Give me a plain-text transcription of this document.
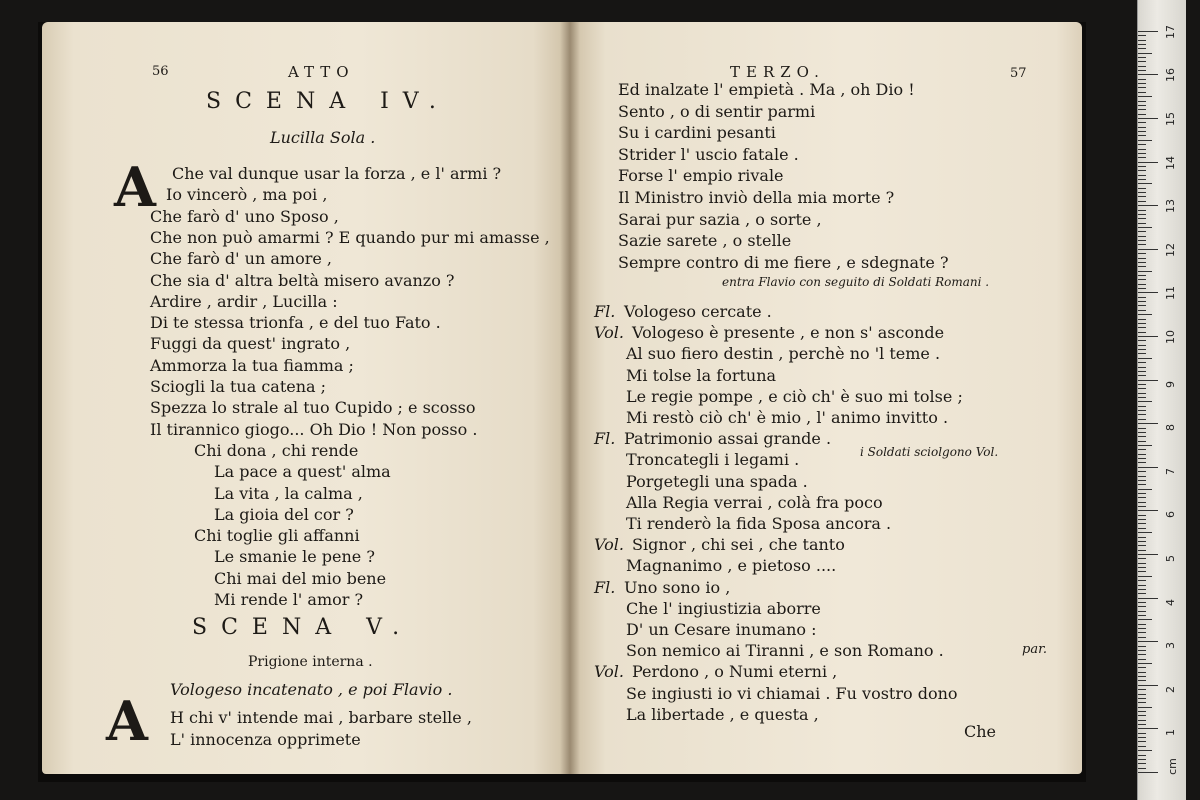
56	ATTO
SCENA IV.
Lucilla Sola .
A Che val dunque usar la forza , e l' armi ?
Io vincerò , ma poi ,
Che farò d' uno Sposo ,
Che non può amarmi ? E quando pur mi amasse ,
Che farò d' un amore ,
Che sia d' altra beltà misero avanzo ?
Ardire , ardir , Lucilla :
Di te stessa trionfa , e del tuo Fato .
Fuggi da quest' ingrato ,
Ammorza la tua fiamma ;
Sciogli la tua catena ;
Spezza lo strale al tuo Cupido ; e scosso
Il tirannico giogo... Oh Dio ! Non posso .
Chi dona , chi rende
La pace a quest' alma
La vita , la calma ,
La gioia del cor ?
Chi toglie gli affanni
Le smanie le pene ?
Chi mai del mio bene
Mi rende l' amor ?
SCENA V.
Prigione interna .
Vologeso incatenato , e poi Flavio .
A H chi v' intende mai , barbare stelle ,
L' innocenza opprimete
TERZO.	57
Ed inalzate l' empietà . Ma , oh Dio !
Sento , o di sentir parmi
Su i cardini pesanti
Strider l' uscio fatale .
Forse l' empio rivale
Il Ministro inviò della mia morte ?
Sarai pur sazia , o sorte ,
Sazie sarete , o stelle
Sempre contro di me fiere , e sdegnate ?
entra Flavio con seguito di Soldati Romani .
Fl. Vologeso cercate .
Vol. Vologeso è presente , e non s' asconde
Al suo fiero destin , perchè no 'l teme .
Mi tolse la fortuna
Le regie pompe , e ciò ch' è suo mi tolse ;
Mi restò ciò ch' è mio , l' animo invitto .
Fl. Patrimonio assai grande .
Troncategli i legami .
Porgetegli una spada .
Alla Regia verrai , colà fra poco
Ti renderò la fida Sposa ancora .
Vol. Signor , chi sei , che tanto
Magnanimo , e pietoso ....
Fl. Uno sono io ,
Che l' ingiustizia aborre
D' un Cesare inumano :
Son nemico ai Tiranni , e son Romano .
Vol. Perdono , o Numi eterni ,
Se ingiusti io vi chiamai . Fu vostro dono
La libertade , e questa ,
i Soldati sciolgono Vol.
par.
Che
cm
1
2
3
4
5
6
7
8
9
10
11
12
13
14
15
16
17
